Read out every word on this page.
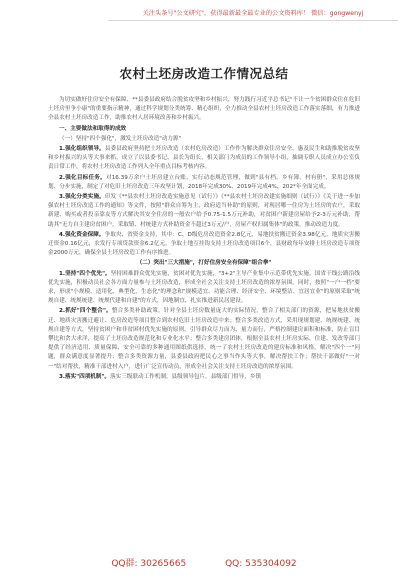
关注头条号"公文研究"，获得最新最全最专业的公文资料库！ 微信：gongwenyj
农村土坯房改造工作情况总结

为切实做好住房安全有保障、**县委县政府结合脱贫攻坚和乡村振兴，努力践行习近平总书记"不让一个贫困群众住在危旧土坯房里争小康"的重要指示精神，通过科学规划分类统筹、精心组织，全力推动全县农村土坯房改造工作落实落细，有力推进全县农村土坯房改造工作，助推农村人居环境改善和乡村振兴。

一、主要做法和取得的成效

（一）坚持"四个强化"，激发土坯房改造"动力源"

1.强化组织领导。县委县政府坚持把土坯房改造（农村危房改造）工作作为解决群众住房安全、惠及民生和助推脱贫攻坚和乡村振兴的头等大事来抓，成立了以县委书记、县长为组长，相关部门为成员的工作领导小组，抽调专职人员成立办公室负责日常工作，将农村土坯房改造工作列入全年重点目标考核内容。

2.强化目标任务。对16.39万余户土坯房建立台账、实行动态规范管理，做到"县有档、乡有簿、村有册"，采用总体规划、分步实施，制定了对危旧土坯房改造三年攻坚计划，2018年完成30%、2019年完成4%、202*年全面完成。

3.强化分类实施。印发《**县农村土坯房改造实施意见（试行）》《**县农村土坯房改建实施细则（试行）》《关于进一步加强农村土坯房改造工作的通知》等文件，按照"群众自筹为主，政府适当补助"的原则，对现居哪一住房为土坯房的农户，采取新建、购买或者投亲靠友等方式解决其安全住房的一般农户给予0.75-1.5万元补助，对贫困户新建房屋给予2-3万元补助，帮助其"无力自主建房贫困户，采取镇、村统建方式补助资金不超过3万元/户，房屋产权归属集体"的政策，推动改造力度。

4.强化资金保障。争取央、省资金支持，其中：C、D级危房改造资金2.8亿元，易地扶贫搬迁资金3.98亿元，地质灾害搬迁资金0.16亿元，农发行专项贷款资金6.2亿元，争取土地互挂钩支持土坯房改造项目6个，县财政每年安排土坯房改造专项资金2000万元，确保全县土坯房改造工作有序推进。

（二）突出"三大措施"，打好住房安全有保障"组合拳"

1.坚持"四个优先"。坚持困难群众优先实施，贫困对优先实施，"3+2"主导产业集中示范带优先实施，国省干线公路沿线优先实施，积极动员社会各方面力量参与土坯房改造，形成全社会关注支持土坯房改造的浓厚氛围。同时，按照"一户一档"要求，形成"小规模、适用化、典型化，生态化"的理念和"规模适宜、功能合理、经济安全、环境整洁、宜居宜业"的原则采取"统规自建、统规统建、统规代建和自建"的方式，因地制宜，扎实推进新民居建设。

2.抓好"四个整合"。整合多类补助政策。针对全县土坯房数量庞大的实际情况，整合了相关部门的资源，把易地扶贫搬迁、地质灾害搬迁避让、危房改造等项目整合到农村危旧土坯房改造中来；整合多类改造方式，采用现规划建、统规统建、统规自建等方式，坚持贫困户和非贫困村优先实施的原则，引导群众尽力而为、量力而行，严格控制建房面积和标准，防止盲目攀比和贪大求洋，提高了土坯房改造规范化和专业化水平；整合多类建房团体，根据全县农村土坯房实际，住建、发改等部门提供了经济适用、质量保障、安全可靠的多种通用图纸供选择，统一了农村土坯房改造的建房标准和风格，解决"四个一"问题，群众满意度显著提升；整合多类资源力量，县委县政府把民心之事当作头等大事，解决帮扶工作；帮扶干部做好"一对一"结对帮扶，精准干部进村入户，进行广泛宣传动员，形成全社会关注支持土坯房改造的浓厚氛围。

3.落实"四项机制"。落实三级联动工作机制，县级领导包片，县级部门督导，乡镇

QQ群: 30265665	QQ: 535304092
